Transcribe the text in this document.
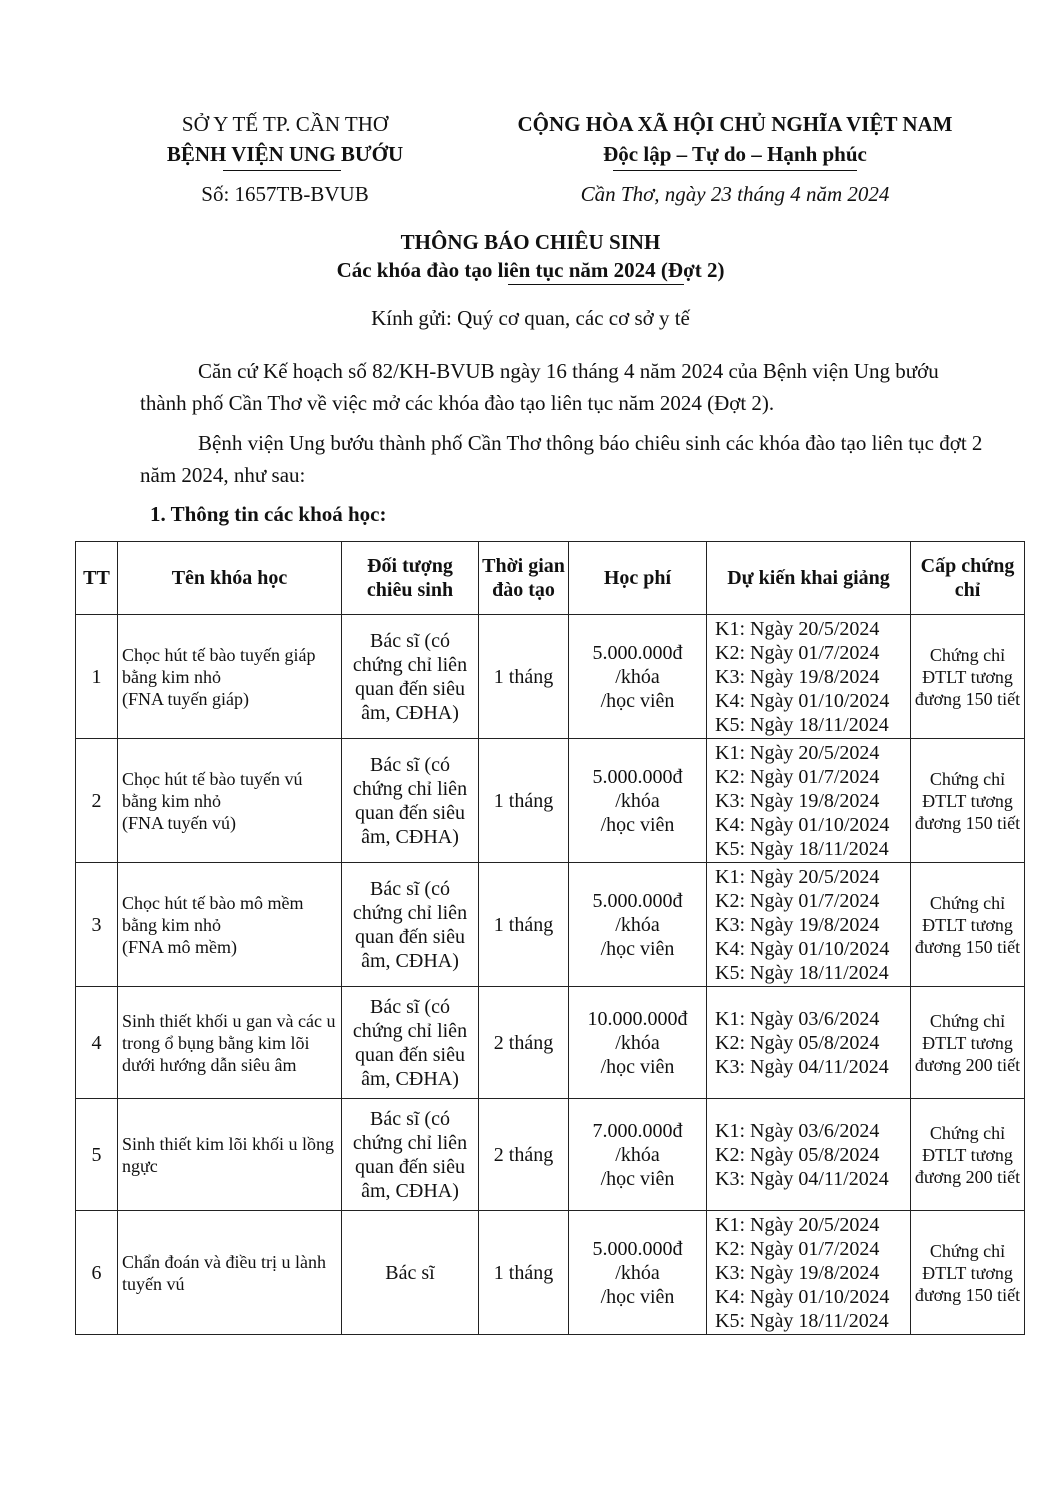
SỞ Y TẾ TP. CẦN THƠ
BỆNH VIỆN UNG BƯỚU
Số: 1657TB-BVUB
CỘNG HÒA XÃ HỘI CHỦ NGHĨA VIỆT NAM
Độc lập – Tự do – Hạnh phúc
Cần Thơ, ngày 23 tháng 4 năm 2024
THÔNG BÁO CHIÊU SINH
Các khóa đào tạo liên tục năm 2024 (Đợt 2)
Kính gửi: Quý cơ quan, các cơ sở y tế
Căn cứ Kế hoạch số 82/KH-BVUB ngày 16 tháng 4 năm 2024 của Bệnh viện Ung bướu thành phố Cần Thơ về việc mở các khóa đào tạo liên tục năm 2024 (Đợt 2).
Bệnh viện Ung bướu thành phố Cần Thơ thông báo chiêu sinh các khóa đào tạo liên tục đợt 2 năm 2024, như sau:
1. Thông tin các khoá học:
TT	Tên khóa học	Đối tượng chiêu sinh	Thời gian đào tạo	Học phí	Dự kiến khai giảng	Cấp chứng chỉ
1	Chọc hút tế bào tuyến giáp bằng kim nhỏ
(FNA tuyến giáp)	Bác sĩ (có chứng chỉ liên quan đến siêu âm, CĐHA)	1 tháng	5.000.000đ
/khóa
/học viên	K1: Ngày 20/5/2024
K2: Ngày 01/7/2024
K3: Ngày 19/8/2024
K4: Ngày 01/10/2024
K5: Ngày 18/11/2024	Chứng chỉ ĐTLT tương đương 150 tiết
2	Chọc hút tế bào tuyến vú bằng kim nhỏ
(FNA tuyến vú)	Bác sĩ (có chứng chỉ liên quan đến siêu âm, CĐHA)	1 tháng	5.000.000đ
/khóa
/học viên	K1: Ngày 20/5/2024
K2: Ngày 01/7/2024
K3: Ngày 19/8/2024
K4: Ngày 01/10/2024
K5: Ngày 18/11/2024	Chứng chỉ ĐTLT tương đương 150 tiết
3	Chọc hút tế bào mô mềm bằng kim nhỏ
(FNA mô mềm)	Bác sĩ (có chứng chỉ liên quan đến siêu âm, CĐHA)	1 tháng	5.000.000đ
/khóa
/học viên	K1: Ngày 20/5/2024
K2: Ngày 01/7/2024
K3: Ngày 19/8/2024
K4: Ngày 01/10/2024
K5: Ngày 18/11/2024	Chứng chỉ ĐTLT tương đương 150 tiết
4	Sinh thiết khối u gan và các u trong ổ bụng bằng kim lõi dưới hướng dẫn siêu âm	Bác sĩ (có chứng chỉ liên quan đến siêu âm, CĐHA)	2 tháng	10.000.000đ
/khóa
/học viên	K1: Ngày 03/6/2024
K2: Ngày 05/8/2024
K3: Ngày 04/11/2024	Chứng chỉ ĐTLT tương đương 200 tiết
5	Sinh thiết kim lõi khối u lồng ngực	Bác sĩ (có chứng chỉ liên quan đến siêu âm, CĐHA)	2 tháng	7.000.000đ
/khóa
/học viên	K1: Ngày 03/6/2024
K2: Ngày 05/8/2024
K3: Ngày 04/11/2024	Chứng chỉ ĐTLT tương đương 200 tiết
6	Chẩn đoán và điều trị u lành tuyến vú	Bác sĩ	1 tháng	5.000.000đ
/khóa
/học viên	K1: Ngày 20/5/2024
K2: Ngày 01/7/2024
K3: Ngày 19/8/2024
K4: Ngày 01/10/2024
K5: Ngày 18/11/2024	Chứng chỉ ĐTLT tương đương 150 tiết
